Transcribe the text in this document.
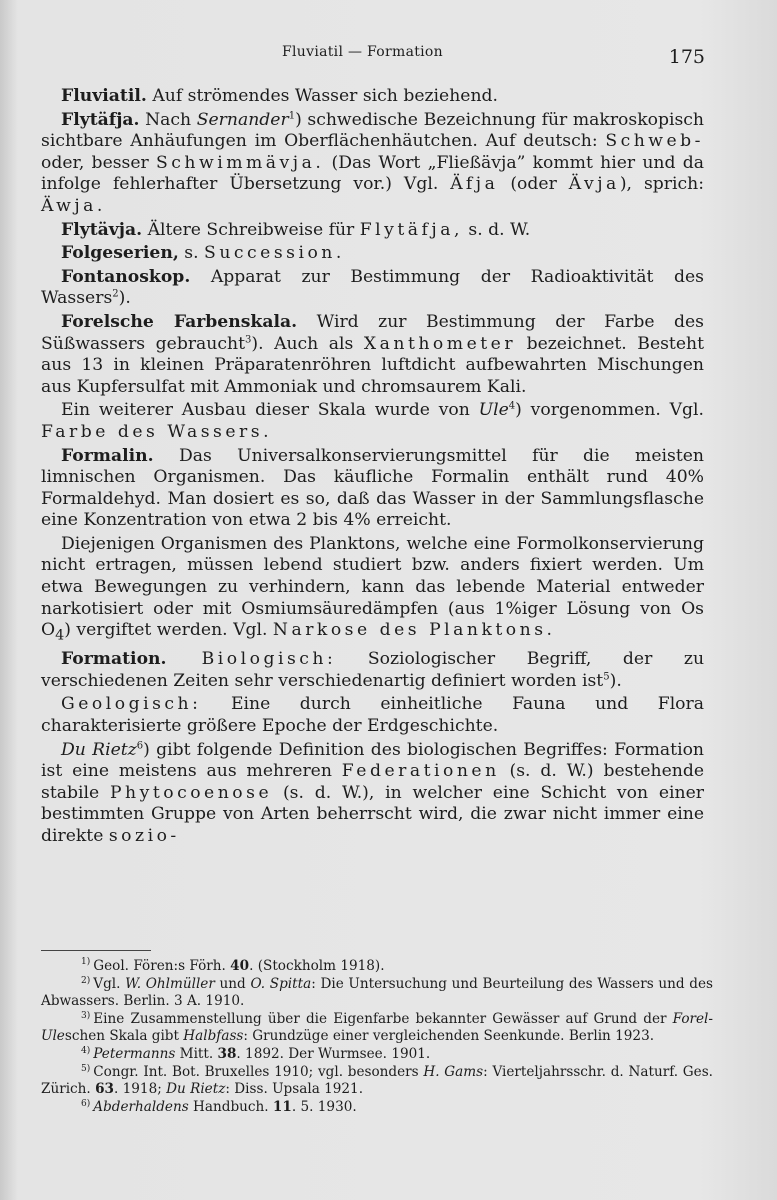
Fluviatil — Formation	175

Fluviatil. Auf strömendes Wasser sich beziehend.

Flytäfja. Nach Sernander$^1$) schwedische Bezeichnung für makroskopisch sichtbare Anhäufungen im Oberflächenhäutchen. Auf deutsch: Schweb- oder, besser Schwimmävja. (Das Wort „Fließävja” kommt hier und da infolge fehlerhafter Übersetzung vor.) Vgl. Äfja (oder Ävja), sprich: Äwja.

Flytävja. Ältere Schreibweise für Flytäfja, s. d. W.

Folgeserien, s. Succession.

Fontanoskop. Apparat zur Bestimmung der Radioaktivität des Wassers$^2$).

Forelsche Farbenskala. Wird zur Bestimmung der Farbe des Süßwassers gebraucht$^3$). Auch als Xanthometer bezeichnet. Besteht aus 13 in kleinen Präparatenröhren luftdicht aufbewahrten Mischungen aus Kupfersulfat mit Ammoniak und chromsaurem Kali.

Ein weiterer Ausbau dieser Skala wurde von Ule$^4$) vorgenommen. Vgl. Farbe des Wassers.

Formalin. Das Universalkonservierungsmittel für die meisten limnischen Organismen. Das käufliche Formalin enthält rund 40% Formaldehyd. Man dosiert es so, daß das Wasser in der Sammlungsflasche eine Konzentration von etwa 2 bis 4% erreicht.

Diejenigen Organismen des Planktons, welche eine Formolkonservierung nicht ertragen, müssen lebend studiert bzw. anders fixiert werden. Um etwa Bewegungen zu verhindern, kann das lebende Material entweder narkotisiert oder mit Osmiumsäuredämpfen (aus 1%iger Lösung von Os $O_4$) vergiftet werden. Vgl. Narkose des Planktons.

Formation. Biologisch: Soziologischer Begriff, der zu verschiedenen Zeiten sehr verschiedenartig definiert worden ist$^5$).

Geologisch: Eine durch einheitliche Fauna und Flora charakterisierte größere Epoche der Erdgeschichte.

Du Rietz$^6$) gibt folgende Definition des biologischen Begriffes: Formation ist eine meistens aus mehreren Federationen (s. d. W.) bestehende stabile Phytocoenose (s. d. W.), in welcher eine Schicht von einer bestimmten Gruppe von Arten beherrscht wird, die zwar nicht immer eine direkte sozio-

$^{1)}$ Geol. Fören:s Förh. 40. (Stockholm 1918).

$^{2)}$ Vgl. W. Ohlmüller und O. Spitta: Die Untersuchung und Beurteilung des Wassers und des Abwassers. Berlin. 3 A. 1910.

$^{3)}$ Eine Zusammenstellung über die Eigenfarbe bekannter Gewässer auf Grund der Forel-Uleschen Skala gibt Halbfass: Grundzüge einer vergleichenden Seenkunde. Berlin 1923.

$^{4)}$ Petermanns Mitt. 38. 1892. Der Wurmsee. 1901.

$^{5)}$ Congr. Int. Bot. Bruxelles 1910; vgl. besonders H. Gams: Vierteljahrsschr. d. Naturf. Ges. Zürich. 63. 1918; Du Rietz: Diss. Upsala 1921.

$^{6)}$ Abderhaldens Handbuch. 11. 5. 1930.
